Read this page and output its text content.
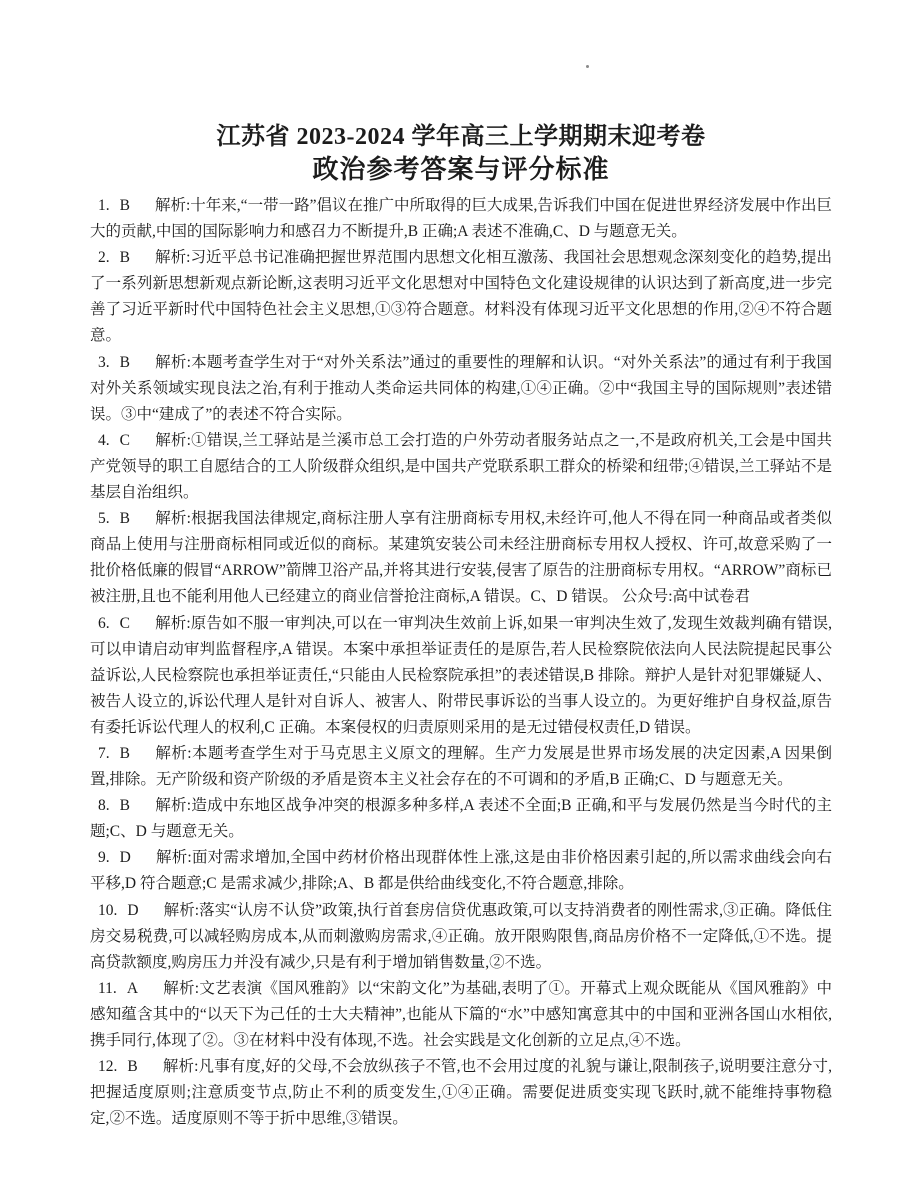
江苏省 2023-2024 学年高三上学期期末迎考卷
政治参考答案与评分标准

1. B 解析:十年来,“一带一路”倡议在推广中所取得的巨大成果,告诉我们中国在促进世界经济发展中作出巨大的贡献,中国的国际影响力和感召力不断提升,B 正确;A 表述不准确,C、D 与题意无关。

2. B 解析:习近平总书记准确把握世界范围内思想文化相互激荡、我国社会思想观念深刻变化的趋势,提出了一系列新思想新观点新论断,这表明习近平文化思想对中国特色文化建设规律的认识达到了新高度,进一步完善了习近平新时代中国特色社会主义思想,①③符合题意。材料没有体现习近平文化思想的作用,②④不符合题意。

3. B 解析:本题考查学生对于“对外关系法”通过的重要性的理解和认识。“对外关系法”的通过有利于我国对外关系领域实现良法之治,有利于推动人类命运共同体的构建,①④正确。②中“我国主导的国际规则”表述错误。③中“建成了”的表述不符合实际。

4. C 解析:①错误,兰工驿站是兰溪市总工会打造的户外劳动者服务站点之一,不是政府机关,工会是中国共产党领导的职工自愿结合的工人阶级群众组织,是中国共产党联系职工群众的桥梁和纽带;④错误,兰工驿站不是基层自治组织。

5. B 解析:根据我国法律规定,商标注册人享有注册商标专用权,未经许可,他人不得在同一种商品或者类似商品上使用与注册商标相同或近似的商标。某建筑安装公司未经注册商标专用权人授权、许可,故意采购了一批价格低廉的假冒“ARROW”箭牌卫浴产品,并将其进行安装,侵害了原告的注册商标专用权。“ARROW”商标已被注册,且也不能利用他人已经建立的商业信誉抢注商标,A 错误。C、D 错误。 公众号:高中试卷君

6. C 解析:原告如不服一审判决,可以在一审判决生效前上诉,如果一审判决生效了,发现生效裁判确有错误,可以申请启动审判监督程序,A 错误。本案中承担举证责任的是原告,若人民检察院依法向人民法院提起民事公益诉讼,人民检察院也承担举证责任,“只能由人民检察院承担”的表述错误,B 排除。辩护人是针对犯罪嫌疑人、被告人设立的,诉讼代理人是针对自诉人、被害人、附带民事诉讼的当事人设立的。为更好维护自身权益,原告有委托诉讼代理人的权利,C 正确。本案侵权的归责原则采用的是无过错侵权责任,D 错误。

7. B 解析:本题考查学生对于马克思主义原文的理解。生产力发展是世界市场发展的决定因素,A 因果倒置,排除。无产阶级和资产阶级的矛盾是资本主义社会存在的不可调和的矛盾,B 正确;C、D 与题意无关。

8. B 解析:造成中东地区战争冲突的根源多种多样,A 表述不全面;B 正确,和平与发展仍然是当今时代的主题;C、D 与题意无关。

9. D 解析:面对需求增加,全国中药材价格出现群体性上涨,这是由非价格因素引起的,所以需求曲线会向右平移,D 符合题意;C 是需求减少,排除;A、B 都是供给曲线变化,不符合题意,排除。

10. D 解析:落实“认房不认贷”政策,执行首套房信贷优惠政策,可以支持消费者的刚性需求,③正确。降低住房交易税费,可以减轻购房成本,从而刺激购房需求,④正确。放开限购限售,商品房价格不一定降低,①不选。提高贷款额度,购房压力并没有减少,只是有利于增加销售数量,②不选。

11. A 解析:文艺表演《国风雅韵》以“宋韵文化”为基础,表明了①。开幕式上观众既能从《国风雅韵》中感知蕴含其中的“以天下为己任的士大夫精神”,也能从下篇的“水”中感知寓意其中的中国和亚洲各国山水相依,携手同行,体现了②。③在材料中没有体现,不选。社会实践是文化创新的立足点,④不选。

12. B 解析:凡事有度,好的父母,不会放纵孩子不管,也不会用过度的礼貌与谦让,限制孩子,说明要注意分寸,把握适度原则;注意质变节点,防止不利的质变发生,①④正确。需要促进质变实现飞跃时,就不能维持事物稳定,②不选。适度原则不等于折中思维,③错误。
